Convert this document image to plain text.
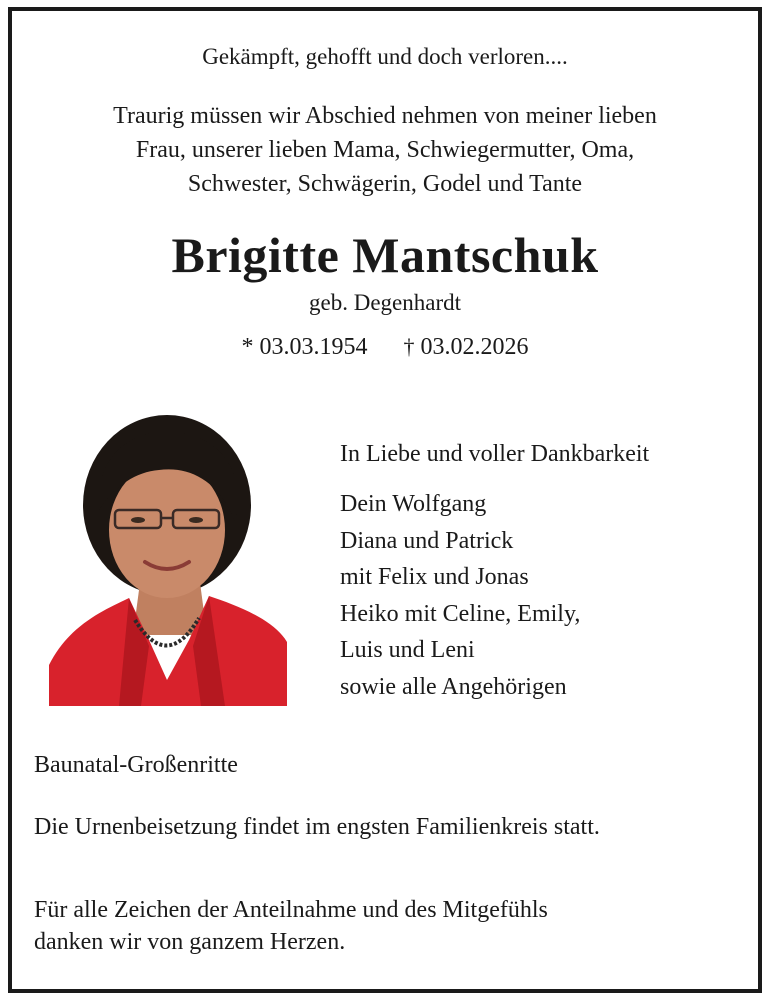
Gekämpft, gehofft und doch verloren....
Traurig müssen wir Abschied nehmen von meiner lieben
Frau, unserer lieben Mama, Schwiegermutter, Oma,
Schwester, Schwägerin, Godel und Tante
Brigitte Mantschuk
geb. Degenhardt
* 03.03.1954 † 03.02.2026
In Liebe und voller Dankbarkeit
Dein Wolfgang
Diana und Patrick
mit Felix und Jonas
Heiko mit Celine, Emily,
Luis und Leni
sowie alle Angehörigen
Baunatal-Großenritte
Die Urnenbeisetzung findet im engsten Familienkreis statt.
Für alle Zeichen der Anteilnahme und des Mitgefühls
danken wir von ganzem Herzen.
